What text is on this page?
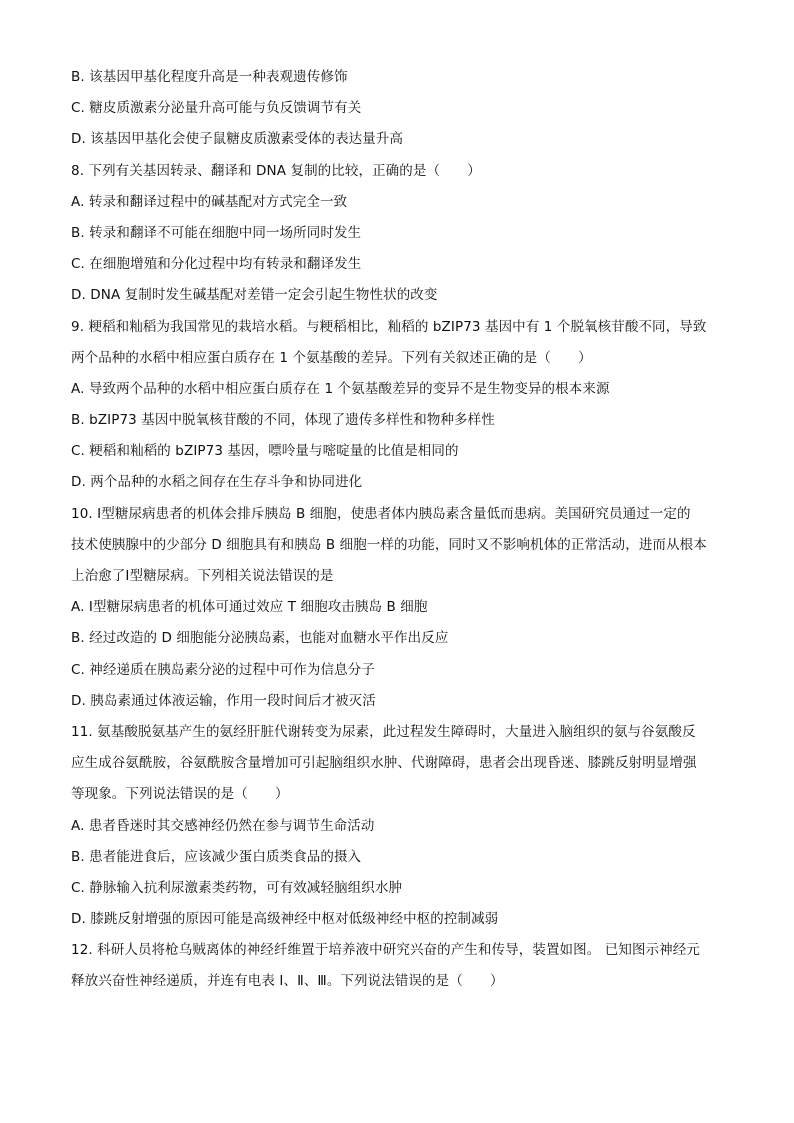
B. 该基因甲基化程度升高是一种表观遗传修饰
C. 糖皮质激素分泌量升高可能与负反馈调节有关
D. 该基因甲基化会使子鼠糖皮质激素受体的表达量升高
8. 下列有关基因转录、翻译和 DNA 复制的比较，正确的是（　　）
A. 转录和翻译过程中的碱基配对方式完全一致
B. 转录和翻译不可能在细胞中同一场所同时发生
C. 在细胞增殖和分化过程中均有转录和翻译发生
D. DNA 复制时发生碱基配对差错一定会引起生物性状的改变
9. 粳稻和籼稻为我国常见的栽培水稻。与粳稻相比，籼稻的 bZIP73 基因中有 1 个脱氧核苷酸不同，导致
两个品种的水稻中相应蛋白质存在 1 个氨基酸的差异。下列有关叙述正确的是（　　）
A. 导致两个品种的水稻中相应蛋白质存在 1 个氨基酸差异的变异不是生物变异的根本来源
B. bZIP73 基因中脱氧核苷酸的不同，体现了遗传多样性和物种多样性
C. 粳稻和籼稻的 bZIP73 基因，嘌呤量与嘧啶量的比值是相同的
D. 两个品种的水稻之间存在生存斗争和协同进化
10. Ⅰ型糖尿病患者的机体会排斥胰岛 B 细胞，使患者体内胰岛素含量低而患病。美国研究员通过一定的
技术使胰腺中的少部分 D 细胞具有和胰岛 B 细胞一样的功能，同时又不影响机体的正常活动，进而从根本
上治愈了Ⅰ型糖尿病。下列相关说法错误的是
A. Ⅰ型糖尿病患者的机体可通过效应 T 细胞攻击胰岛 B 细胞
B. 经过改造的 D 细胞能分泌胰岛素，也能对血糖水平作出反应
C. 神经递质在胰岛素分泌的过程中可作为信息分子
D. 胰岛素通过体液运输，作用一段时间后才被灭活
11. 氨基酸脱氨基产生的氨经肝脏代谢转变为尿素，此过程发生障碍时，大量进入脑组织的氨与谷氨酸反
应生成谷氨酰胺，谷氨酰胺含量增加可引起脑组织水肿、代谢障碍，患者会出现昏迷、膝跳反射明显增强
等现象。下列说法错误的是（　　）
A. 患者昏迷时其交感神经仍然在参与调节生命活动
B. 患者能进食后，应该减少蛋白质类食品的摄入
C. 静脉输入抗利尿激素类药物，可有效减轻脑组织水肿
D. 膝跳反射增强的原因可能是高级神经中枢对低级神经中枢的控制减弱
12. 科研人员将枪乌贼离体的神经纤维置于培养液中研究兴奋的产生和传导，装置如图。 已知图示神经元
释放兴奋性神经递质，并连有电表 Ⅰ、Ⅱ、Ⅲ。下列说法错误的是（　　）
